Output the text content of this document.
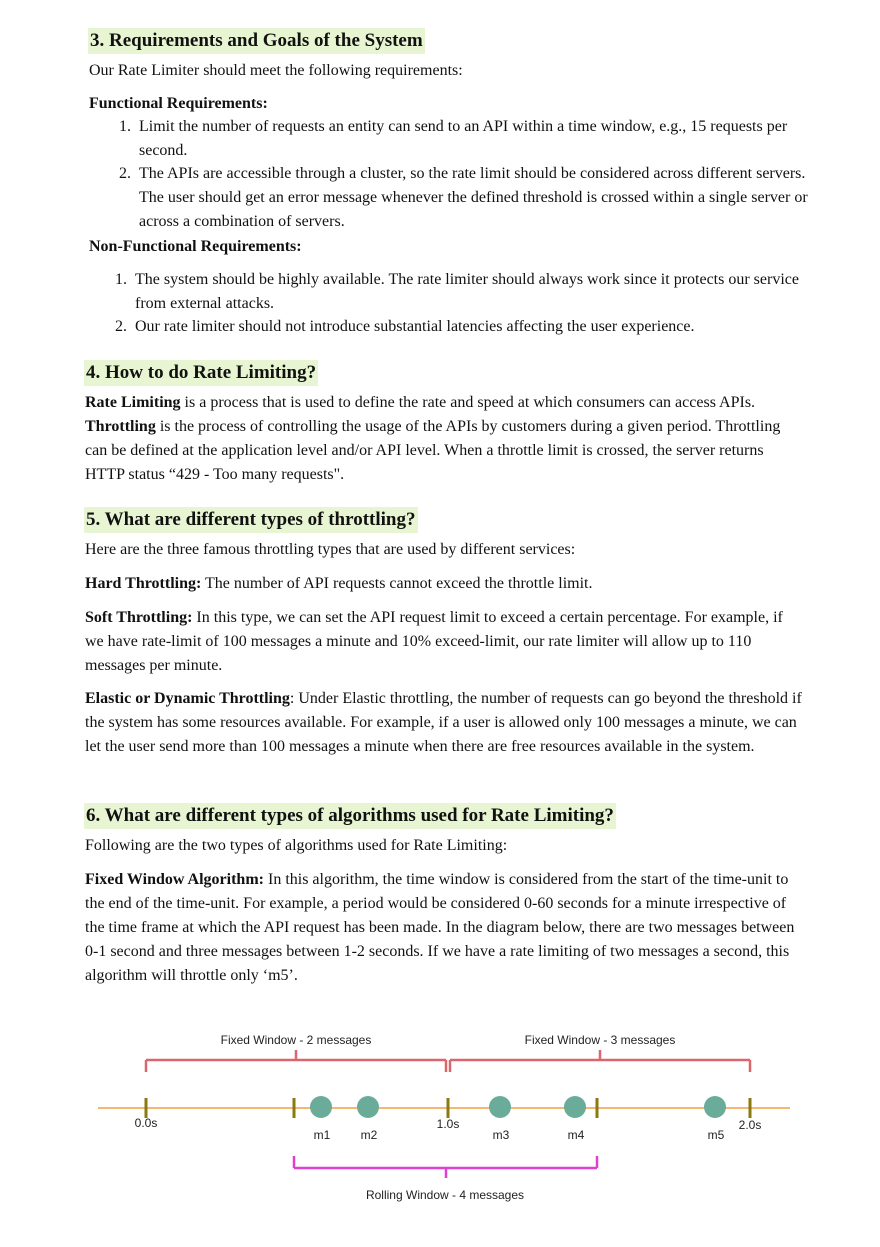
3. Requirements and Goals of the System

Our Rate Limiter should meet the following requirements:

Functional Requirements:
1. Limit the number of requests an entity can send to an API within a time window, e.g., 15 requests per second.
2. The APIs are accessible through a cluster, so the rate limit should be considered across different servers. The user should get an error message whenever the defined threshold is crossed within a single server or across a combination of servers.
Non-Functional Requirements:
1. The system should be highly available. The rate limiter should always work since it protects our service from external attacks.
2. Our rate limiter should not introduce substantial latencies affecting the user experience.
4. How to do Rate Limiting?

Rate Limiting is a process that is used to define the rate and speed at which consumers can access APIs. Throttling is the process of controlling the usage of the APIs by customers during a given period. Throttling can be defined at the application level and/or API level. When a throttle limit is crossed, the server returns HTTP status “429 - Too many requests".

5. What are different types of throttling?

Here are the three famous throttling types that are used by different services:

Hard Throttling: The number of API requests cannot exceed the throttle limit.

Soft Throttling: In this type, we can set the API request limit to exceed a certain percentage. For example, if we have rate-limit of 100 messages a minute and 10% exceed-limit, our rate limiter will allow up to 110 messages per minute.

Elastic or Dynamic Throttling: Under Elastic throttling, the number of requests can go beyond the threshold if the system has some resources available. For example, if a user is allowed only 100 messages a minute, we can let the user send more than 100 messages a minute when there are free resources available in the system.

6. What are different types of algorithms used for Rate Limiting?

Following are the two types of algorithms used for Rate Limiting:

Fixed Window Algorithm: In this algorithm, the time window is considered from the start of the time-unit to the end of the time-unit. For example, a period would be considered 0-60 seconds for a minute irrespective of the time frame at which the API request has been made. In the diagram below, there are two messages between 0-1 second and three messages between 1-2 seconds. If we have a rate limiting of two messages a second, this algorithm will throttle only ‘m5’.

Fixed Window - 2 messages	Fixed Window - 3 messages
0.0s	1.0s	2.0s
m1	m2	m3	m4	m5
Rolling Window - 4 messages
